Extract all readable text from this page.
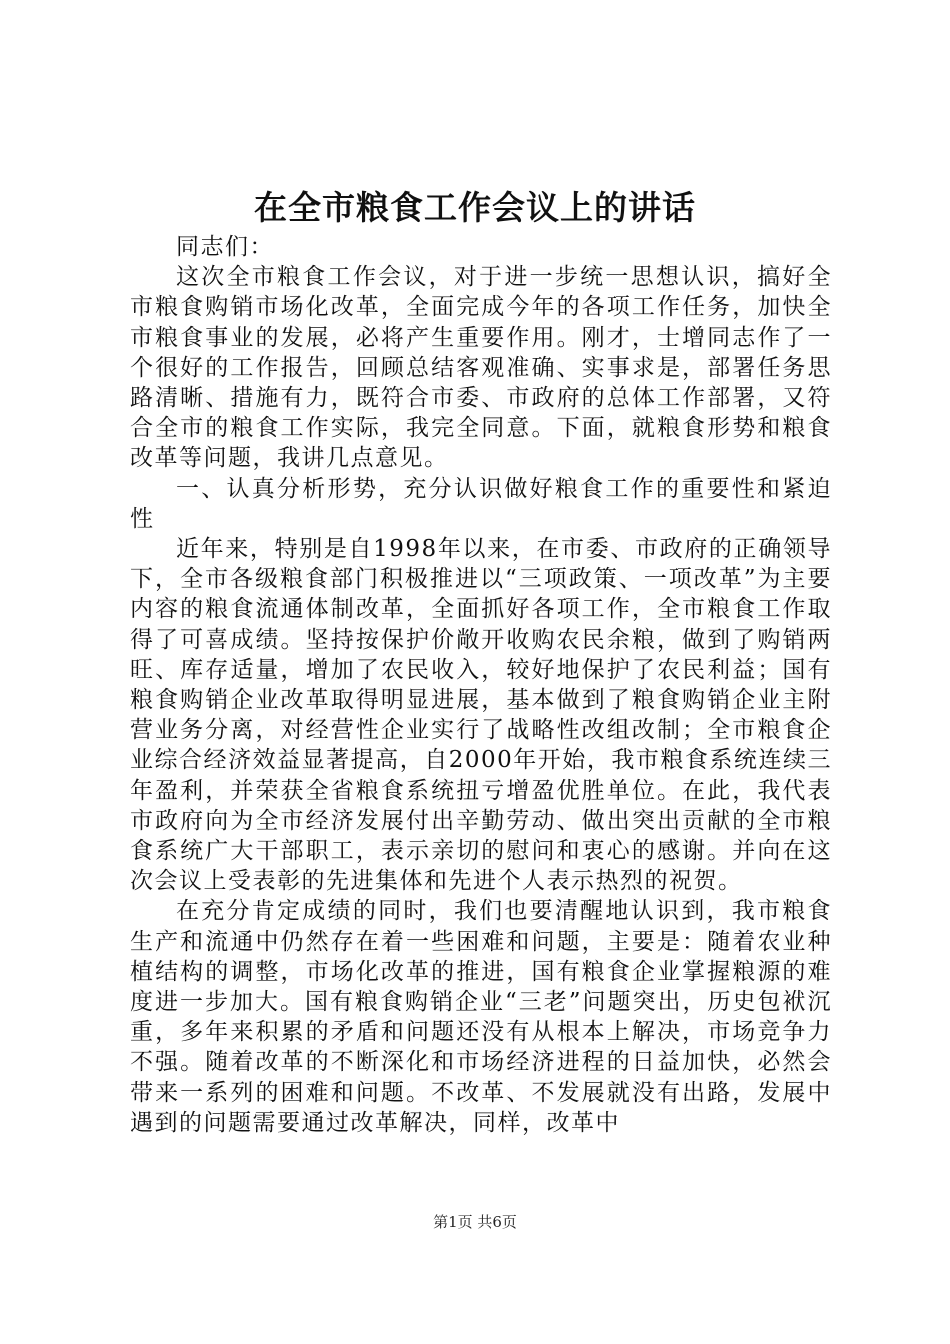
在全市粮食工作会议上的讲话

同志们：

这次全市粮食工作会议，对于进一步统一思想认识，搞好全市粮食购销市场化改革，全面完成今年的各项工作任务，加快全市粮食事业的发展，必将产生重要作用。刚才，士增同志作了一个很好的工作报告，回顾总结客观准确、实事求是，部署任务思路清晰、措施有力，既符合市委、市政府的总体工作部署，又符合全市的粮食工作实际，我完全同意。下面，就粮食形势和粮食改革等问题，我讲几点意见。

一、认真分析形势，充分认识做好粮食工作的重要性和紧迫性

近年来，特别是自1998年以来，在市委、市政府的正确领导下，全市各级粮食部门积极推进以“三项政策、一项改革”为主要内容的粮食流通体制改革，全面抓好各项工作，全市粮食工作取得了可喜成绩。坚持按保护价敞开收购农民余粮，做到了购销两旺、库存适量，增加了农民收入，较好地保护了农民利益；国有粮食购销企业改革取得明显进展，基本做到了粮食购销企业主附营业务分离，对经营性企业实行了战略性改组改制；全市粮食企业综合经济效益显著提高，自2000年开始，我市粮食系统连续三年盈利，并荣获全省粮食系统扭亏增盈优胜单位。在此，我代表市政府向为全市经济发展付出辛勤劳动、做出突出贡献的全市粮食系统广大干部职工，表示亲切的慰问和衷心的感谢。并向在这次会议上受表彰的先进集体和先进个人表示热烈的祝贺。

在充分肯定成绩的同时，我们也要清醒地认识到，我市粮食生产和流通中仍然存在着一些困难和问题，主要是：随着农业种植结构的调整，市场化改革的推进，国有粮食企业掌握粮源的难度进一步加大。国有粮食购销企业“三老”问题突出，历史包袱沉重，多年来积累的矛盾和问题还没有从根本上解决，市场竞争力不强。随着改革的不断深化和市场经济进程的日益加快，必然会带来一系列的困难和问题。不改革、不发展就没有出路，发展中遇到的问题需要通过改革解决，同样，改革中

第1页 共6页
